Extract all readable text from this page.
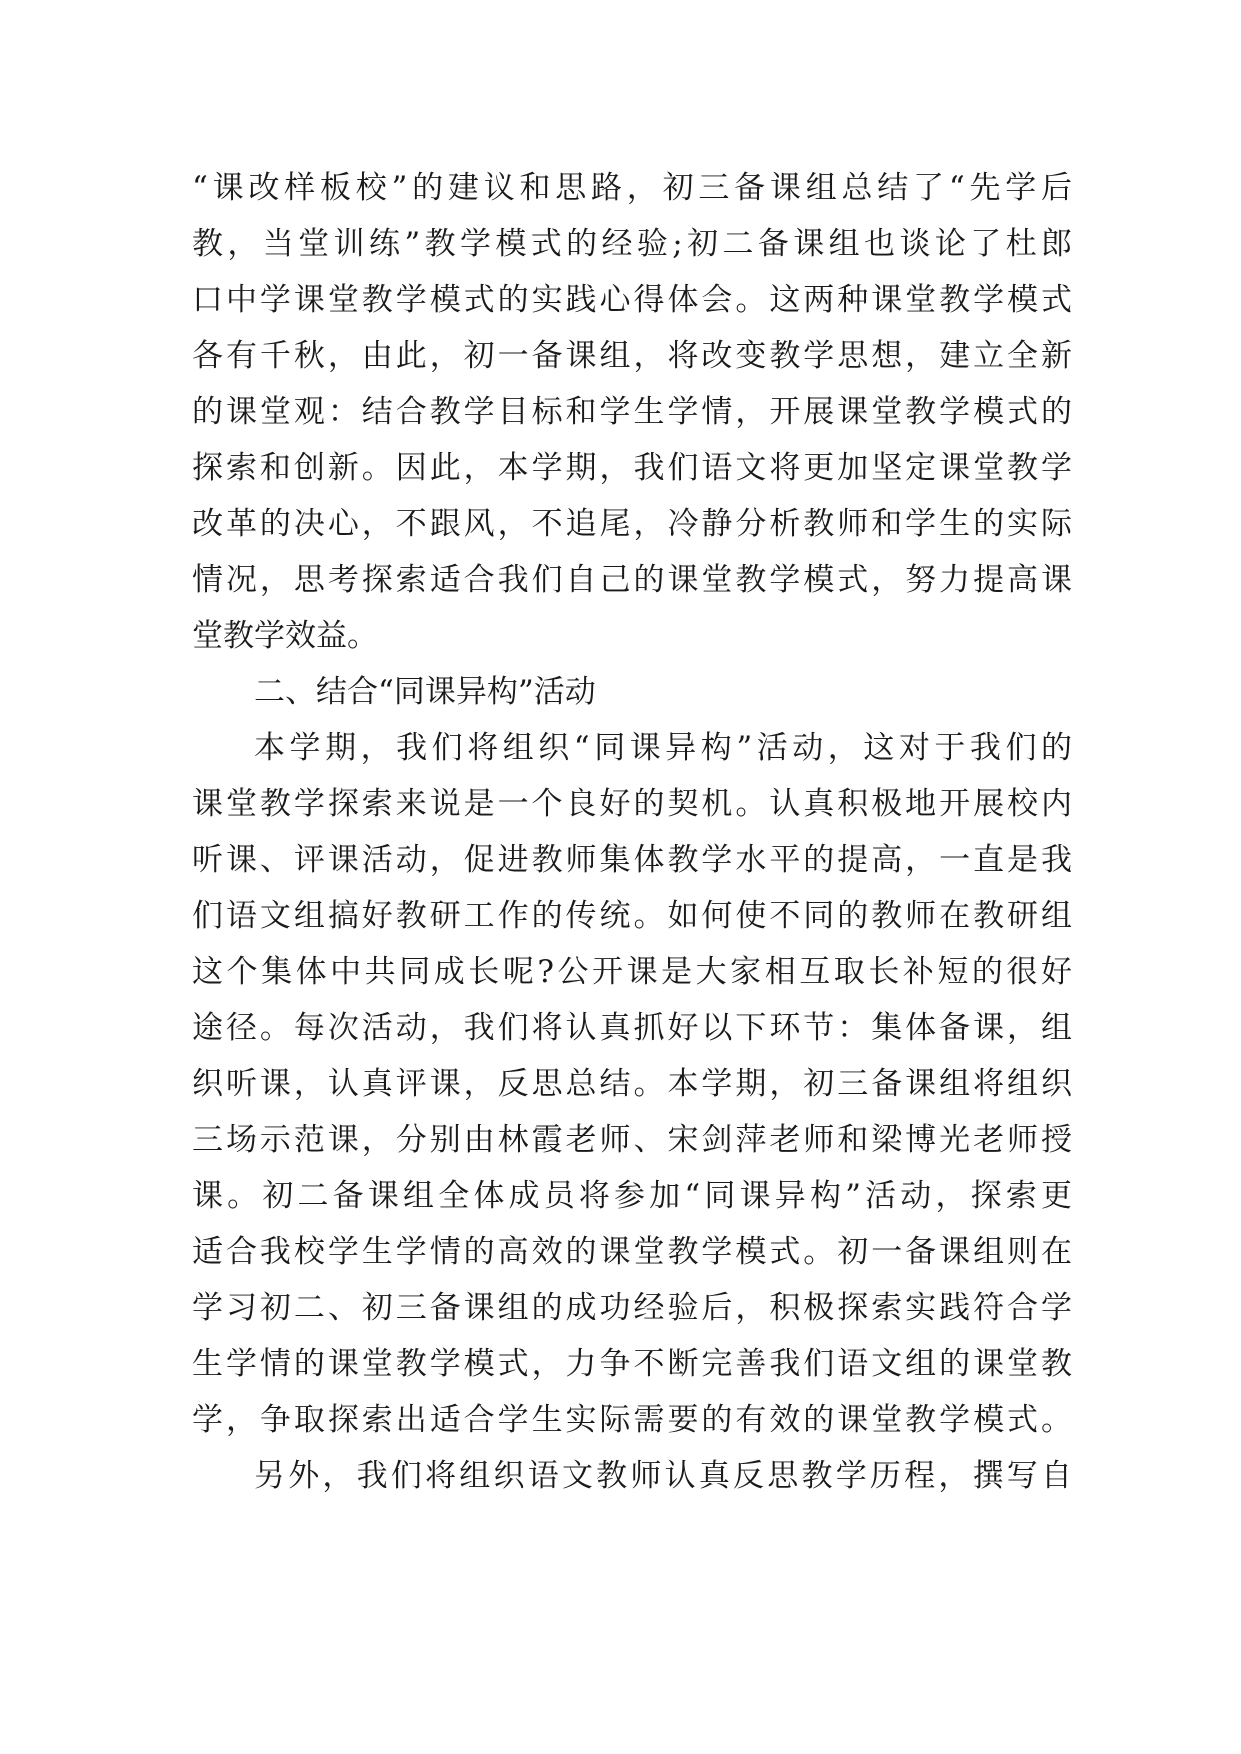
“课改样板校”的建议和思路，初三备课组总结了“先学后
教，当堂训练”教学模式的经验;初二备课组也谈论了杜郎
口中学课堂教学模式的实践心得体会。这两种课堂教学模式
各有千秋，由此，初一备课组，将改变教学思想，建立全新
的课堂观：结合教学目标和学生学情，开展课堂教学模式的
探索和创新。因此，本学期，我们语文将更加坚定课堂教学
改革的决心，不跟风，不追尾，冷静分析教师和学生的实际
情况，思考探索适合我们自己的课堂教学模式，努力提高课
堂教学效益。
二、结合“同课异构”活动
本学期，我们将组织“同课异构”活动，这对于我们的
课堂教学探索来说是一个良好的契机。认真积极地开展校内
听课、评课活动，促进教师集体教学水平的提高，一直是我
们语文组搞好教研工作的传统。如何使不同的教师在教研组
这个集体中共同成长呢?公开课是大家相互取长补短的很好
途径。每次活动，我们将认真抓好以下环节：集体备课，组
织听课，认真评课，反思总结。本学期，初三备课组将组织
三场示范课，分别由林霞老师、宋剑萍老师和梁博光老师授
课。初二备课组全体成员将参加“同课异构”活动，探索更
适合我校学生学情的高效的课堂教学模式。初一备课组则在
学习初二、初三备课组的成功经验后，积极探索实践符合学
生学情的课堂教学模式，力争不断完善我们语文组的课堂教
学，争取探索出适合学生实际需要的有效的课堂教学模式。
另外，我们将组织语文教师认真反思教学历程，撰写自
